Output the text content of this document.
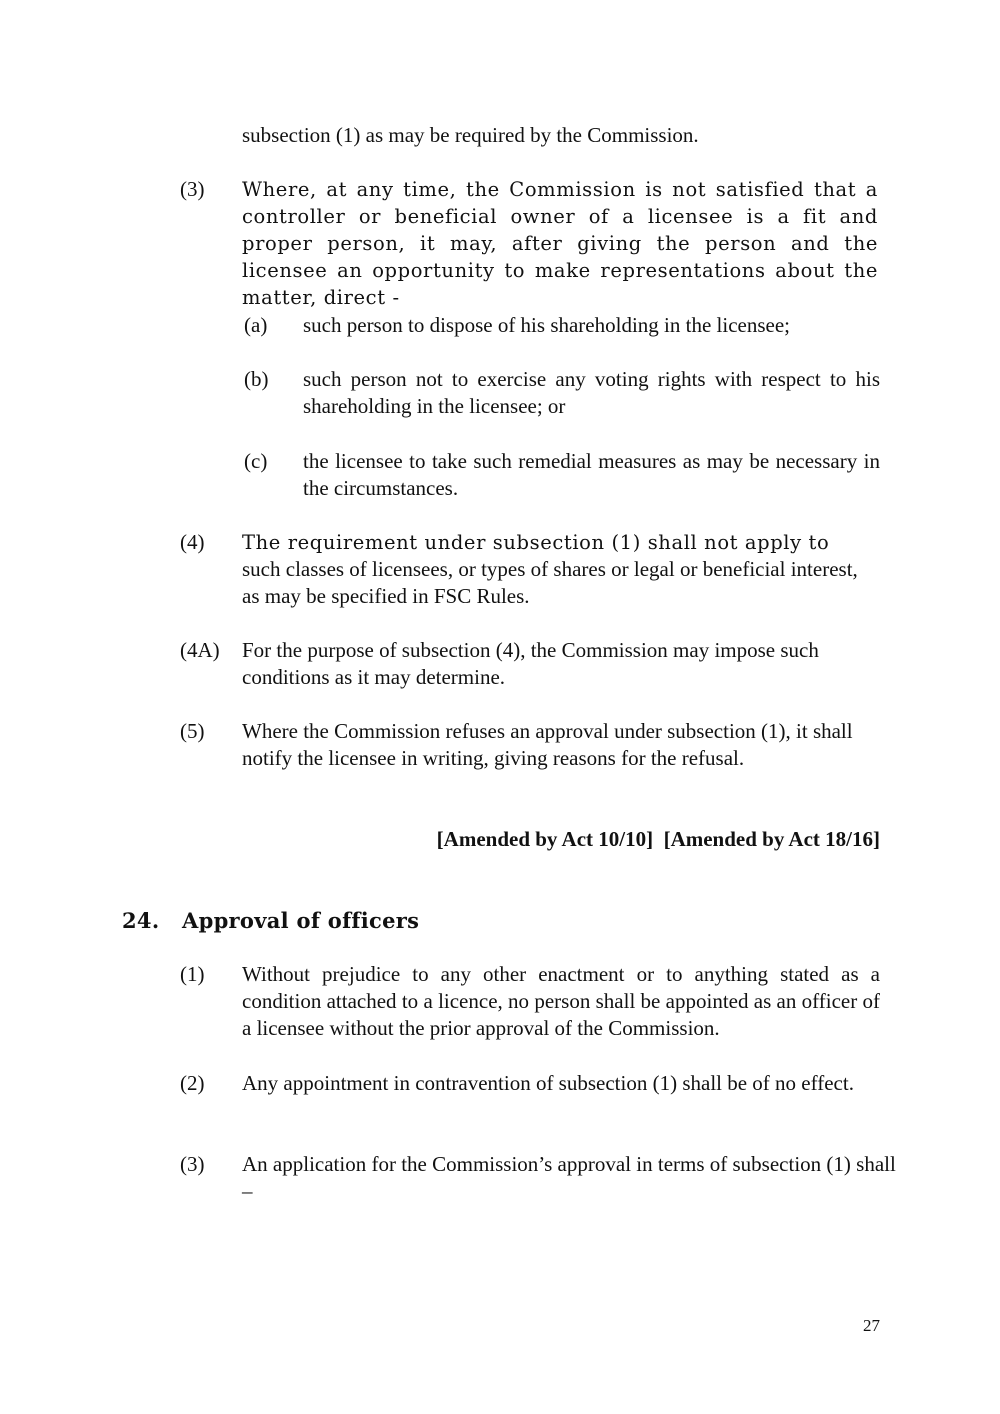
subsection (1) as may be required by the Commission.
(3) Where, at any time, the Commission is not satisfied that a controller or beneficial owner of a licensee is a fit and proper person, it may, after giving the person and the licensee an opportunity to make representations about the matter, direct -
(a) such person to dispose of his shareholding in the licensee;
(b) such person not to exercise any voting rights with respect to his shareholding in the licensee; or
(c) the licensee to take such remedial measures as may be necessary in the circumstances.
(4) The requirement under subsection (1) shall not apply to
such classes of licensees, or types of shares or legal or beneficial interest, as may be specified in FSC Rules.
(4A) For the purpose of subsection (4), the Commission may impose such conditions as it may determine.
(5) Where the Commission refuses an approval under subsection (1), it shall notify the licensee in writing, giving reasons for the refusal.
[Amended by Act 10/10]  [Amended by Act 18/16]
24. Approval of officers
(1) Without prejudice to any other enactment or to anything stated as a condition attached to a licence, no person shall be appointed as an officer of a licensee without the prior approval of the Commission.
(2) Any appointment in contravention of subsection (1) shall be of no effect.
(3) An application for the Commission’s approval in terms of subsection (1) shall –
27
